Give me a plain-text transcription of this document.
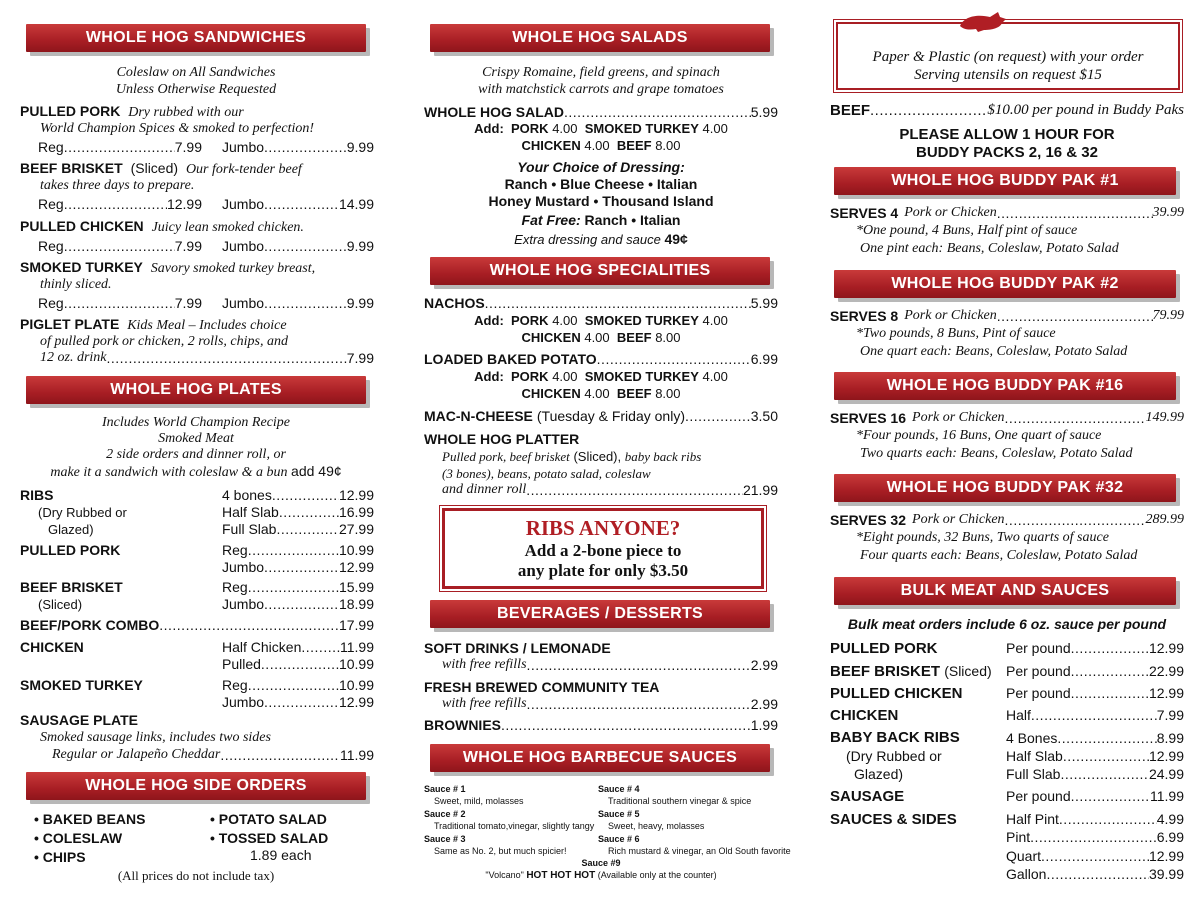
WHOLE HOG SANDWICHES
Coleslaw on All Sandwiches
Unless Otherwise Requested
PULLED PORK Dry rubbed with our
World Champion Spices & smoked to perfection!
Reg .....	7.99 Jumbo .....	9.99
BEEF BRISKET (Sliced) Our fork-tender beef
takes three days to prepare.
Reg .....	12.99 Jumbo .....	14.99
PULLED CHICKEN Juicy lean smoked chicken.
Reg .....	7.99 Jumbo .....	9.99
SMOKED TURKEY Savory smoked turkey breast,
thinly sliced.
Reg .....	7.99 Jumbo .....	9.99
PIGLET PLATE Kids Meal – Includes choice
of pulled pork or chicken, 2 rolls, chips, and
12 oz. drink .....	7.99
WHOLE HOG PLATES
Includes World Champion Recipe
Smoked Meat
2 side orders and dinner roll, or
make it a sandwich with coleslaw & a bun add 49¢
RIBS
(Dry Rubbed or
Glazed)
4 bones .....	12.99
Half Slab .....	16.99
Full Slab .....	27.99
PULLED PORK	Reg .....	10.99
Jumbo .....	12.99
BEEF BRISKET
(Sliced)
Reg .....	15.99
Jumbo .....	18.99
BEEF/PORK COMBO .....	17.99
CHICKEN	Half Chicken .....	11.99
Pulled .....	10.99
SMOKED TURKEY	Reg .....	10.99
Jumbo .....	12.99
SAUSAGE PLATE
Smoked sausage links, includes two sides
Regular or Jalapeño Cheddar .....	11.99
WHOLE HOG SIDE ORDERS
• BAKED BEANS
• COLESLAW
• CHIPS
• POTATO SALAD
• TOSSED SALAD
1.89 each
(All prices do not include tax)
WHOLE HOG SALADS
Crispy Romaine, field greens, and spinach
with matchstick carrots and grape tomatoes
WHOLE HOG SALAD .....	5.99
Add: PORK 4.00 SMOKED TURKEY 4.00
CHICKEN 4.00 BEEF 8.00
Your Choice of Dressing:
Ranch • Blue Cheese • Italian
Honey Mustard • Thousand Island
Fat Free: Ranch • Italian
Extra dressing and sauce 49¢
WHOLE HOG SPECIALITIES
NACHOS .....	5.99
Add: PORK 4.00 SMOKED TURKEY 4.00
CHICKEN 4.00 BEEF 8.00
LOADED BAKED POTATO .....	6.99
Add: PORK 4.00 SMOKED TURKEY 4.00
CHICKEN 4.00 BEEF 8.00
MAC-N-CHEESE (Tuesday & Friday only) .....	3.50
WHOLE HOG PLATTER
Pulled pork, beef brisket (Sliced), baby back ribs
(3 bones), beans, potato salad, coleslaw
and dinner roll .....	21.99
RIBS ANYONE?
Add a 2-bone piece to
any plate for only $3.50
BEVERAGES / DESSERTS
SOFT DRINKS / LEMONADE
with free refills .....	2.99
FRESH BREWED COMMUNITY TEA
with free refills .....	2.99
BROWNIES .....	1.99
WHOLE HOG BARBECUE SAUCES
Sauce # 1
Sweet, mild, molasses
Sauce # 2
Traditional tomato,vinegar, slightly tangy
Sauce # 3
Same as No. 2, but much spicier!
Sauce # 4
Traditional southern vinegar & spice
Sauce # 5
Sweet, heavy, molasses
Sauce # 6
Rich mustard & vinegar, an Old South favorite
Sauce #9
"Volcano" HOT HOT HOT (Available only at the counter)
Paper & Plastic (on request) with your order
Serving utensils on request $15
BEEF .....	$10.00 per pound in Buddy Paks
PLEASE ALLOW 1 HOUR FOR
BUDDY PACKS 2, 16 & 32
WHOLE HOG BUDDY PAK #1
SERVES 4 Pork or Chicken .....	39.99
*One pound, 4 Buns, Half pint of sauce
One pint each: Beans, Coleslaw, Potato Salad
WHOLE HOG BUDDY PAK #2
SERVES 8 Pork or Chicken .....	79.99
*Two pounds, 8 Buns, Pint of sauce
One quart each: Beans, Coleslaw, Potato Salad
WHOLE HOG BUDDY PAK #16
SERVES 16 Pork or Chicken .....	149.99
*Four pounds, 16 Buns, One quart of sauce
Two quarts each: Beans, Coleslaw, Potato Salad
WHOLE HOG BUDDY PAK #32
SERVES 32 Pork or Chicken .....	289.99
*Eight pounds, 32 Buns, Two quarts of sauce
Four quarts each: Beans, Coleslaw, Potato Salad
BULK MEAT AND SAUCES
Bulk meat orders include 6 oz. sauce per pound
PULLED PORK	Per pound .....	12.99
BEEF BRISKET (Sliced) Per pound .....	22.99
PULLED CHICKEN	Per pound .....	12.99
CHICKEN	Half .....	7.99
BABY BACK RIBS
(Dry Rubbed or
Glazed)
4 Bones .....	8.99
Half Slab .....	12.99
Full Slab .....	24.99
SAUSAGE	Per pound .....	11.99
SAUCES & SIDES	Half Pint .....	4.99
Pint .....	6.99
Quart .....	12.99
Gallon .....	39.99
